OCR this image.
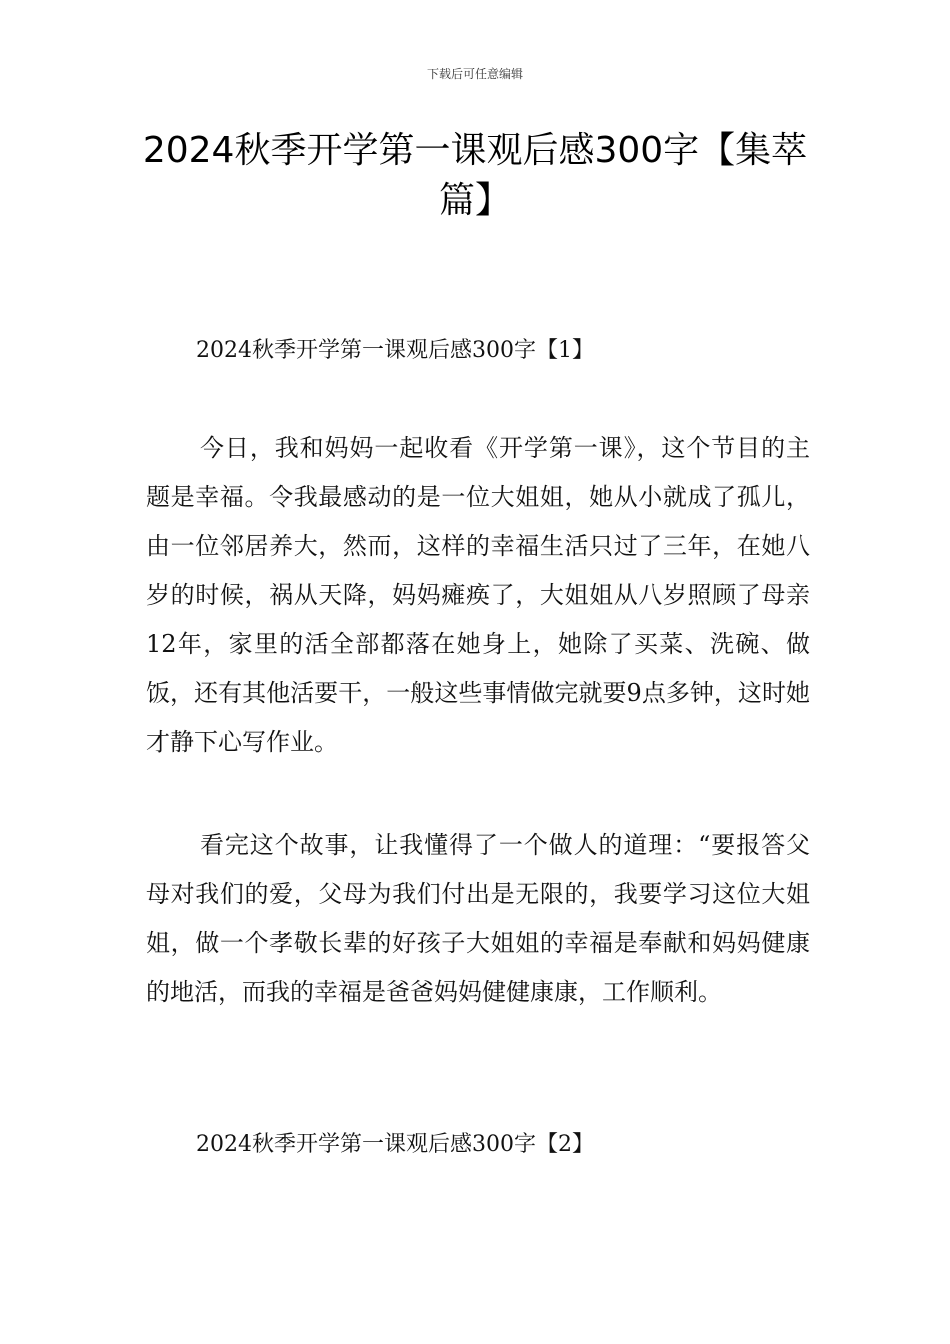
下载后可任意编辑
2024秋季开学第一课观后感300字【集萃篇】
2024秋季开学第一课观后感300字【1】

今日，我和妈妈一起收看《开学第一课》，这个节目的主题是幸福。令我最感动的是一位大姐姐，她从小就成了孤儿，由一位邻居养大，然而，这样的幸福生活只过了三年，在她八岁的时候，祸从天降，妈妈瘫痪了，大姐姐从八岁照顾了母亲12年，家里的活全部都落在她身上，她除了买菜、洗碗、做饭，还有其他活要干，一般这些事情做完就要9点多钟，这时她才静下心写作业。

看完这个故事，让我懂得了一个做人的道理：“要报答父母对我们的爱，父母为我们付出是无限的，我要学习这位大姐姐，做一个孝敬长辈的好孩子大姐姐的幸福是奉献和妈妈健康的地活，而我的幸福是爸爸妈妈健健康康，工作顺利。

2024秋季开学第一课观后感300字【2】
